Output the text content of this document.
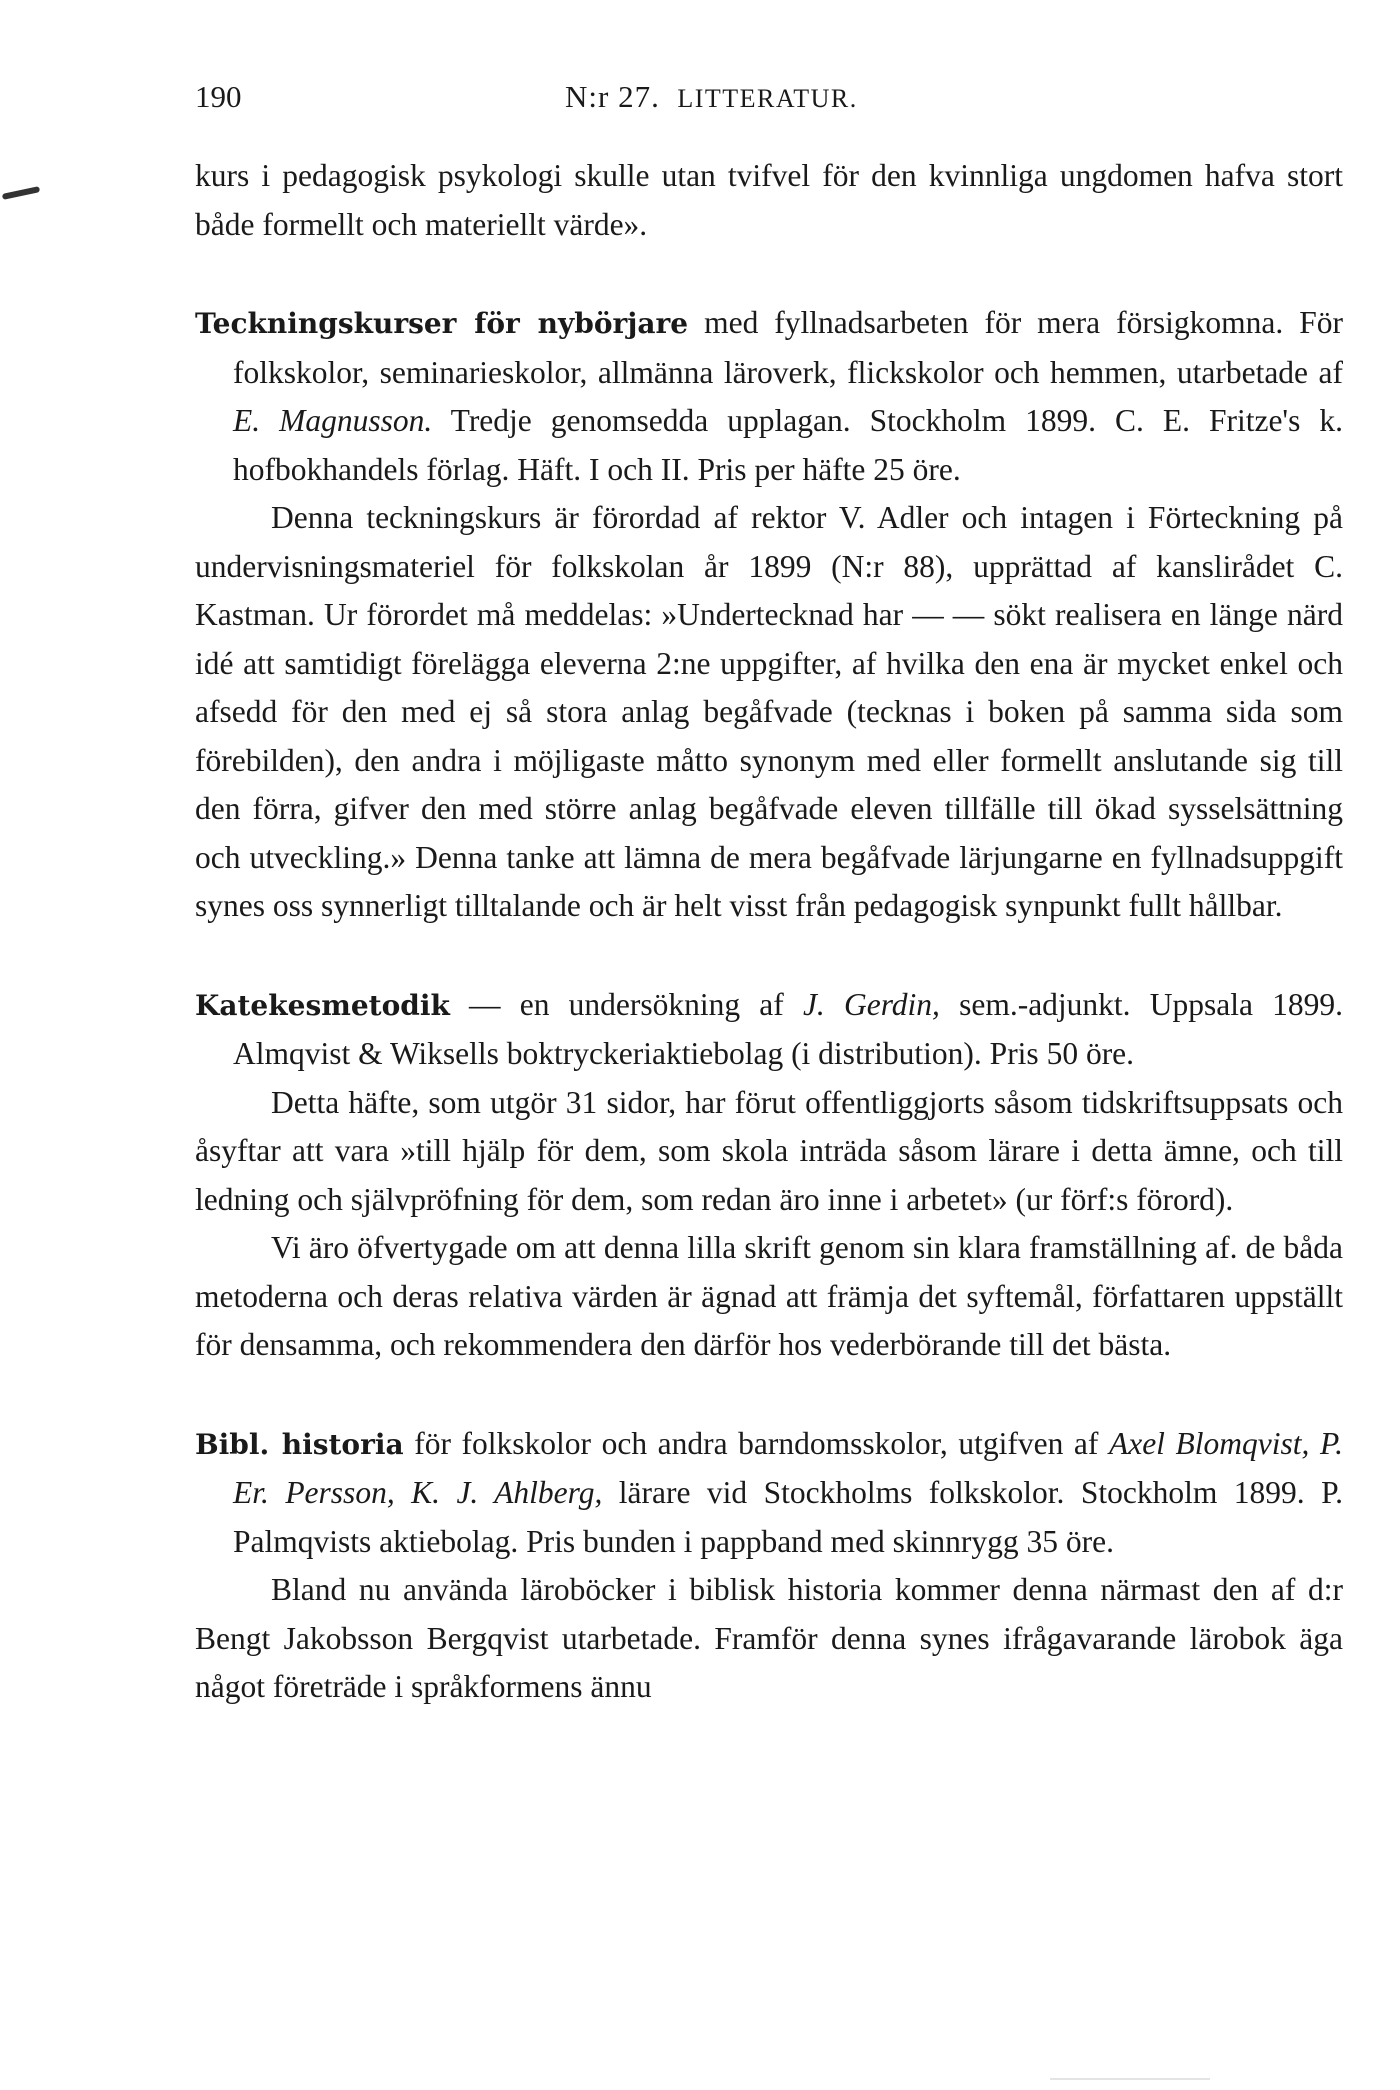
190	N:r 27. LITTERATUR.

kurs i pedagogisk psykologi skulle utan tvifvel för den kvinnliga ungdomen hafva stort både formellt och materiellt värde».

Teckningskurser för nybörjare med fyllnadsarbeten för mera försigkomna. För folkskolor, seminarieskolor, allmänna läroverk, flickskolor och hemmen, utarbetade af E. Magnusson. Tredje genomsedda upplagan. Stockholm 1899. C. E. Fritze's k. hofbokhandels förlag. Häft. I och II. Pris per häfte 25 öre.

Denna teckningskurs är förordad af rektor V. Adler och intagen i Förteckning på undervisningsmateriel för folkskolan år 1899 (N:r 88), upprättad af kanslirådet C. Kastman. Ur förordet må meddelas: »Undertecknad har — — sökt realisera en länge närd idé att samtidigt förelägga eleverna 2:ne uppgifter, af hvilka den ena är mycket enkel och afsedd för den med ej så stora anlag begåfvade (tecknas i boken på samma sida som förebilden), den andra i möjligaste måtto synonym med eller formellt anslutande sig till den förra, gifver den med större anlag begåfvade eleven tillfälle till ökad sysselsättning och utveckling.» Denna tanke att lämna de mera begåfvade lärjungarne en fyllnadsuppgift synes oss synnerligt tilltalande och är helt visst från pedagogisk synpunkt fullt hållbar.

Katekesmetodik — en undersökning af J. Gerdin, sem.-adjunkt. Uppsala 1899. Almqvist & Wiksells boktryckeriaktiebolag (i distribution). Pris 50 öre.

Detta häfte, som utgör 31 sidor, har förut offentliggjorts såsom tidskriftsuppsats och åsyftar att vara »till hjälp för dem, som skola inträda såsom lärare i detta ämne, och till ledning och självpröfning för dem, som redan äro inne i arbetet» (ur förf:s förord).

Vi äro öfvertygade om att denna lilla skrift genom sin klara framställning af. de båda metoderna och deras relativa värden är ägnad att främja det syftemål, författaren uppställt för densamma, och rekommendera den därför hos vederbörande till det bästa.

Bibl. historia för folkskolor och andra barndomsskolor, utgifven af Axel Blomqvist, P. Er. Persson, K. J. Ahlberg, lärare vid Stockholms folkskolor. Stockholm 1899. P. Palmqvists aktiebolag. Pris bunden i pappband med skinnrygg 35 öre.

Bland nu använda läroböcker i biblisk historia kommer denna närmast den af d:r Bengt Jakobsson Bergqvist utarbetade. Framför denna synes ifrågavarande lärobok äga något företräde i språkformens ännu
